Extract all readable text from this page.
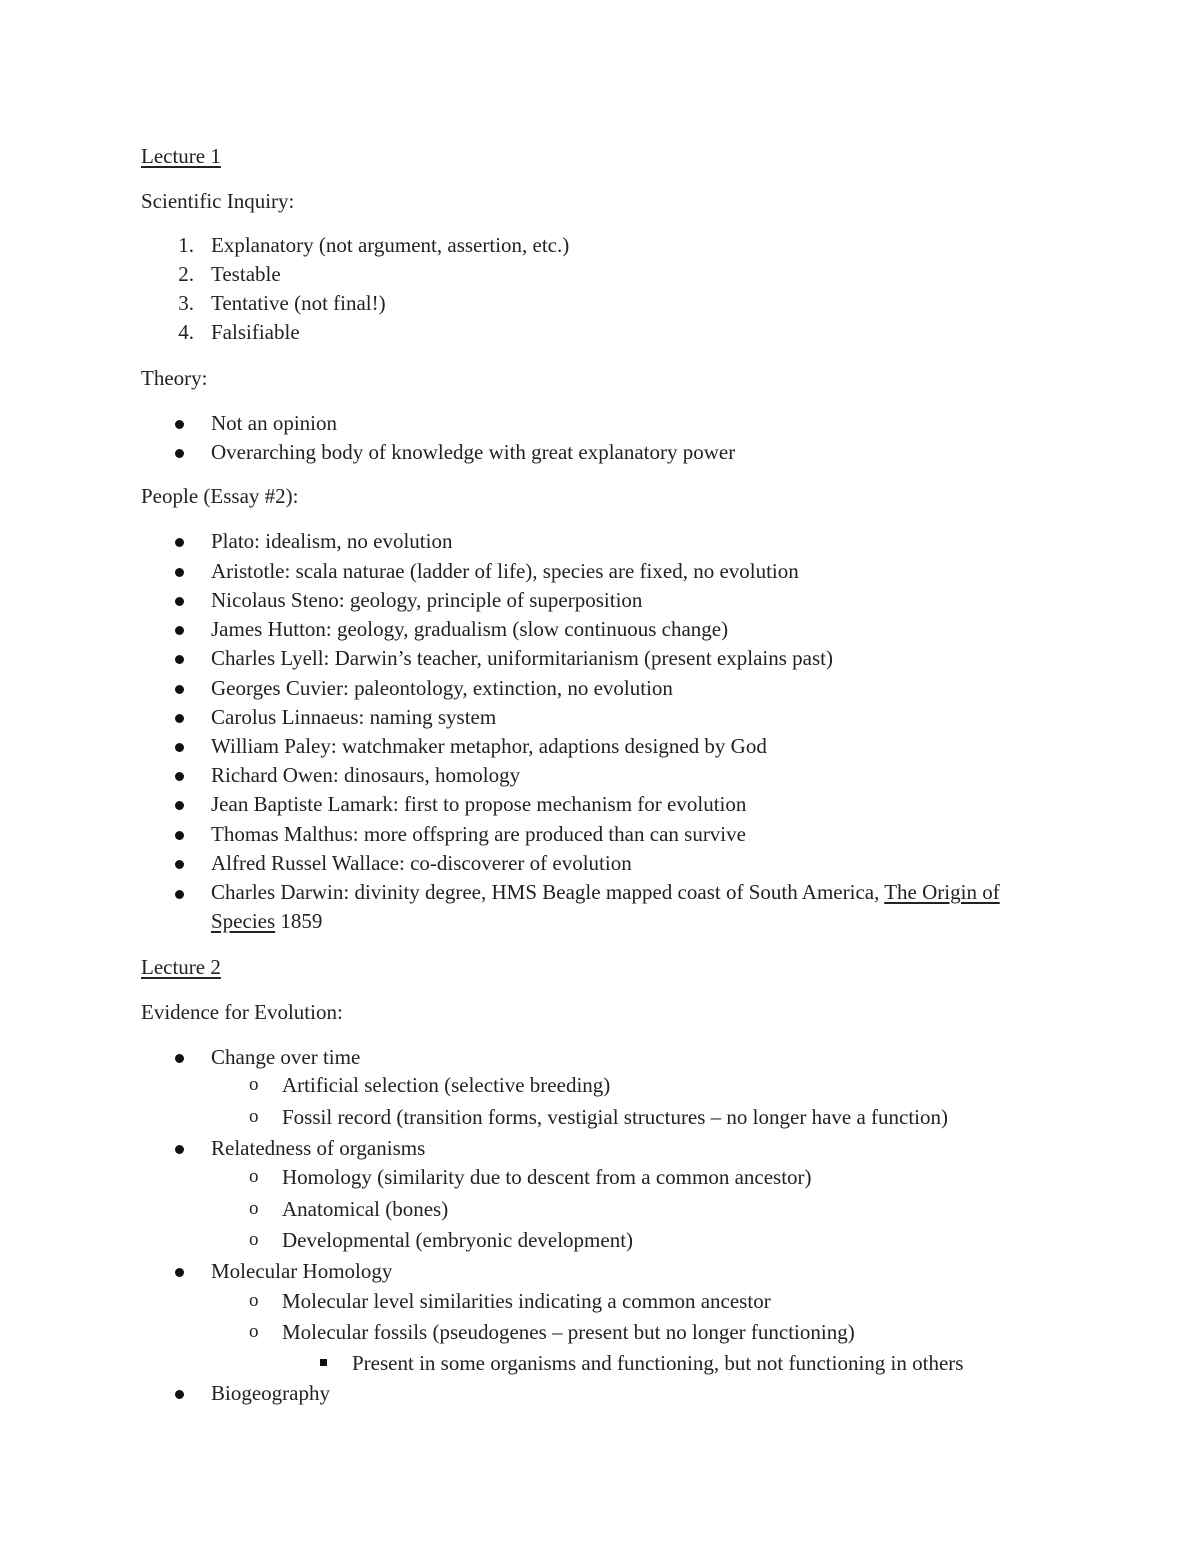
Lecture 1
Scientific Inquiry:
1. Explanatory (not argument, assertion, etc.)
2. Testable
3. Tentative (not final!)
4. Falsifiable
Theory:
Not an opinion
Overarching body of knowledge with great explanatory power
People (Essay #2):
Plato: idealism, no evolution
Aristotle: scala naturae (ladder of life), species are fixed, no evolution
Nicolaus Steno: geology, principle of superposition
James Hutton: geology, gradualism (slow continuous change)
Charles Lyell: Darwin’s teacher, uniformitarianism (present explains past)
Georges Cuvier: paleontology, extinction, no evolution
Carolus Linnaeus: naming system
William Paley: watchmaker metaphor, adaptions designed by God
Richard Owen: dinosaurs, homology
Jean Baptiste Lamark: first to propose mechanism for evolution
Thomas Malthus: more offspring are produced than can survive
Alfred Russel Wallace: co-discoverer of evolution
Charles Darwin: divinity degree, HMS Beagle mapped coast of South America, The Origin of Species 1859
Lecture 2
Evidence for Evolution:
Change over time
o Artificial selection (selective breeding)
o Fossil record (transition forms, vestigial structures – no longer have a function)
Relatedness of organisms
o Homology (similarity due to descent from a common ancestor)
o Anatomical (bones)
o Developmental (embryonic development)
Molecular Homology
o Molecular level similarities indicating a common ancestor
o Molecular fossils (pseudogenes – present but no longer functioning)
Present in some organisms and functioning, but not functioning in others
Biogeography
